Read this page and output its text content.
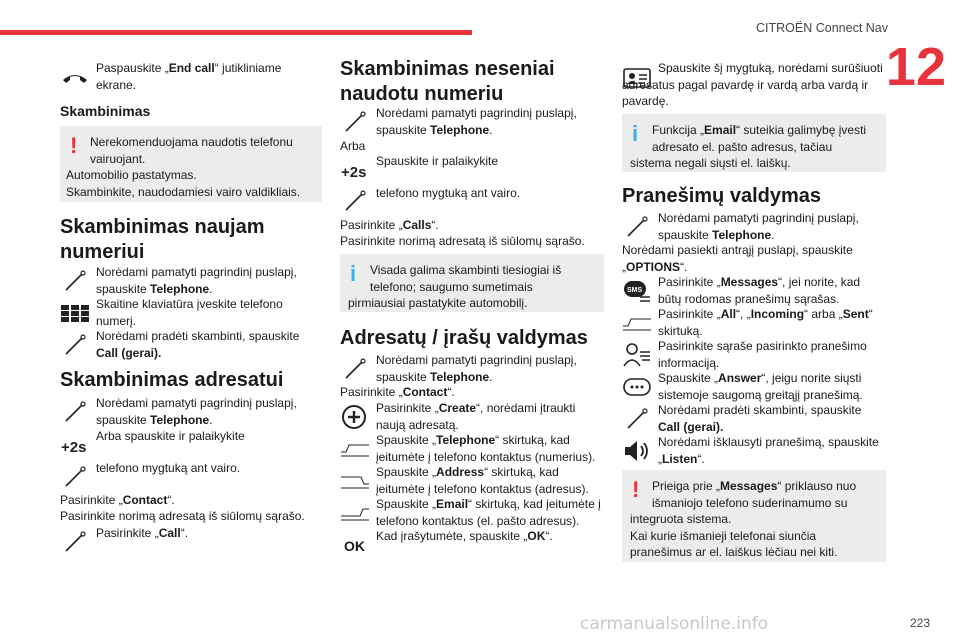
CITROËN Connect Nav
12
223
carmanualsonline.info
Paspauskite „End call“ jutikliniame ekrane.
Skambinimas
!	Nerekomenduojama naudotis telefonu vairuojant.
Automobilio pastatymas.
Skambinkite, naudodamiesi vairo valdikliais.
Skambinimas naujam numeriui
Norėdami pamatyti pagrindinį puslapį, spauskite Telephone.
Skaitine klaviatūra įveskite telefono numerį.
Norėdami pradėti skambinti, spauskite Call (gerai).
Skambinimas adresatui
Norėdami pamatyti pagrindinį puslapį, spauskite Telephone.
+2s
Arba spauskite ir palaikykite
telefono mygtuką ant vairo.
Pasirinkite „Contact“.
Pasirinkite norimą adresatą iš siūlomų sąrašo.
Pasirinkite „Call“.
Skambinimas neseniai naudotu numeriu
Norėdami pamatyti pagrindinį puslapį, spauskite Telephone.
Arba
+2s
Spauskite ir palaikykite
telefono mygtuką ant vairo.
Pasirinkite „Calls“.
Pasirinkite norimą adresatą iš siūlomų sąrašo.
i	Visada galima skambinti tiesiogiai iš telefono; saugumo sumetimais
pirmiausiai pastatykite automobilį.
Adresatų / įrašų valdymas
Norėdami pamatyti pagrindinį puslapį, spauskite Telephone.
Pasirinkite „Contact“.
Pasirinkite „Create“, norėdami įtraukti naują adresatą.
Spauskite „Telephone“ skirtuką, kad įeitumėte į telefono kontaktus (numerius).
Spauskite „Address“ skirtuką, kad įeitumėte į telefono kontaktus (adresus).
Spauskite „Email“ skirtuką, kad įeitumėte į telefono kontaktus (el. pašto adresus).
OK
Kad įrašytumėte, spauskite „OK“.
Spauskite šį mygtuką, norėdami surūšiuoti adresatus pagal pavardę ir vardą arba vardą ir pavardę.
i	Funkcija „Email“ suteikia galimybę įvesti adresato el. pašto adresus, tačiau
sistema negali siųsti el. laiškų.
Pranešimų valdymas
Norėdami pamatyti pagrindinį puslapį, spauskite Telephone.
Norėdami pasiekti antrąjį puslapį, spauskite „OPTIONS“.
SMS
Pasirinkite „Messages“, jei norite, kad būtų rodomas pranešimų sąrašas.
Pasirinkite „All“, „Incoming“ arba „Sent“ skirtuką.
Pasirinkite sąraše pasirinkto pranešimo informaciją.
Spauskite „Answer“, jeigu norite siųsti sistemoje saugomą greitąjį pranešimą.
Norėdami pradėti skambinti, spauskite Call (gerai).
Norėdami išklausyti pranešimą, spauskite „Listen“.
!	Prieiga prie „Messages“ priklauso nuo išmaniojo telefono suderinamumo su
integruota sistema.
Kai kurie išmanieji telefonai siunčia pranešimus ar el. laiškus lėčiau nei kiti.
